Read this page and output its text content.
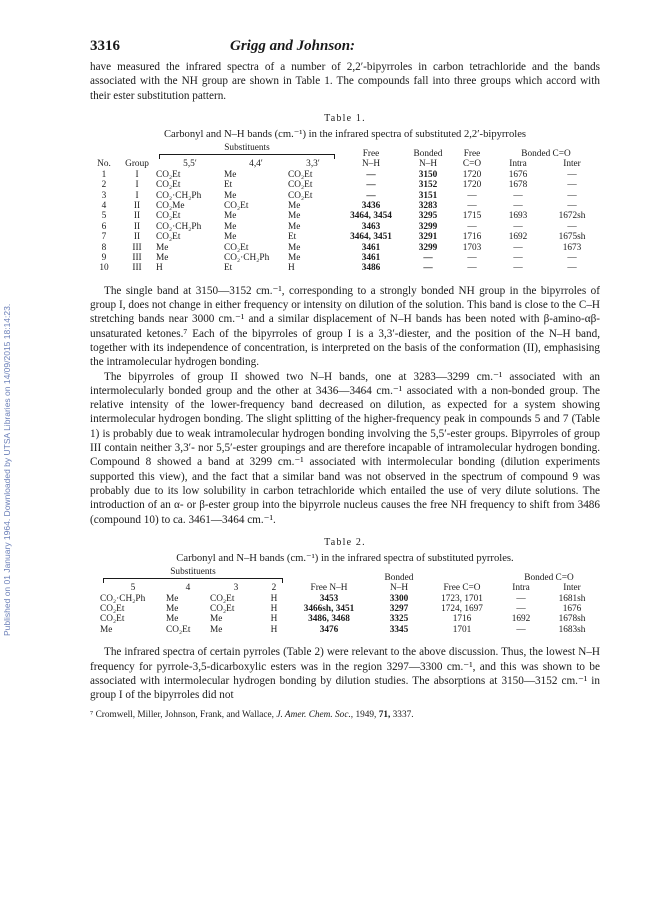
Published on 01 January 1964. Downloaded by UTSA Libraries on 14/09/2015 18:14:23.
3316	Grigg and Johnson:

have measured the infrared spectra of a number of 2,2′-bipyrroles in carbon tetrachloride and the bands associated with the NH group are shown in Table 1. The compounds fall into three groups which accord with their ester substitution pattern.

Table 1.
Carbonyl and N–H bands (cm.⁻¹) in the infrared spectra of substituted 2,2′-bipyrroles
		Substituents			Free	Bonded	Free	Bonded C=O	
No.	Group	5,5′	4,4′	3,3′	N–H	N–H	C=O	Intra	Inter
1	I	CO₂Et	Me	CO₂Et	—	3150	1720	1676	—
2	I	CO₂Et	Et	CO₂Et	—	3152	1720	1678	—
3	I	CO₂·CH₂Ph	Me	CO₂Et	—	3151	—	—	—
4	II	CO₂Me	CO₂Et	Me	3436	3283	—	—	—
5	II	CO₂Et	Me	Me	3464, 3454	3295	1715	1693	1672sh
6	II	CO₂·CH₂Ph	Me	Me	3463	3299	—	—	—
7	II	CO₂Et	Me	Et	3464, 3451	3291	1716	1692	1675sh
8	III	Me	CO₂Et	Me	3461	3299	1703	—	1673
9	III	Me	CO₂·CH₂Ph	Me	3461	—	—	—	—
10	III	H	Et	H	3486	—	—	—	—

The single band at 3150—3152 cm.⁻¹, corresponding to a strongly bonded NH group in the bipyrroles of group I, does not change in either frequency or intensity on dilution of the solution. This band is close to the C–H stretching bands near 3000 cm.⁻¹ and a similar displacement of N–H bands has been noted with β-amino-αβ-unsaturated ketones.⁷ Each of the bipyrroles of group I is a 3,3′-diester, and the position of the N–H band, together with its independence of concentration, is interpreted on the basis of the conformation (II), emphasising the intramolecular hydrogen bonding.

The bipyrroles of group II showed two N–H bands, one at 3283—3299 cm.⁻¹ associated with an intermolecularly bonded group and the other at 3436—3464 cm.⁻¹ associated with a non-bonded group. The relative intensity of the lower-frequency band decreased on dilution, as expected for a system showing intermolecular hydrogen bonding. The slight splitting of the higher-frequency peak in compounds 5 and 7 (Table 1) is probably due to weak intramolecular hydrogen bonding involving the 5,5′-ester groups. Bipyrroles of group III contain neither 3,3′- nor 5,5′-ester groupings and are therefore incapable of intramolecular hydrogen bonding. Compound 8 showed a band at 3299 cm.⁻¹ associated with intermolecular bonding (dilution experiments supported this view), and the fact that a similar band was not observed in the spectrum of compound 9 was probably due to its low solubility in carbon tetrachloride which entailed the use of very dilute solutions. The introduction of an α- or β-ester group into the bipyrrole nucleus causes the free NH frequency to shift from 3486 (compound 10) to ca. 3461—3464 cm.⁻¹.

Table 2.
Carbonyl and N–H bands (cm.⁻¹) in the infrared spectra of substituted pyrroles.
Substituents					Bonded		Bonded C=O	
5	4	3	2	Free N–H	N–H	Free C=O	Intra	Inter
CO₂·CH₂Ph	Me	CO₂Et	H	3453	3300	1723, 1701	—	1681sh
CO₂Et	Me	CO₂Et	H	3466sh, 3451	3297	1724, 1697	—	1676
CO₂Et	Me	Me	H	3486, 3468	3325	1716	1692	1678sh
Me	CO₂Et	Me	H	3476	3345	1701	—	1683sh

The infrared spectra of certain pyrroles (Table 2) were relevant to the above discussion. Thus, the lowest N–H frequency for pyrrole-3,5-dicarboxylic esters was in the region 3297—3300 cm.⁻¹, and this was shown to be associated with intermolecular hydrogen bonding by dilution studies. The absorptions at 3150—3152 cm.⁻¹ in group I of the bipyrroles did not

⁷ Cromwell, Miller, Johnson, Frank, and Wallace, J. Amer. Chem. Soc., 1949, 71, 3337.
